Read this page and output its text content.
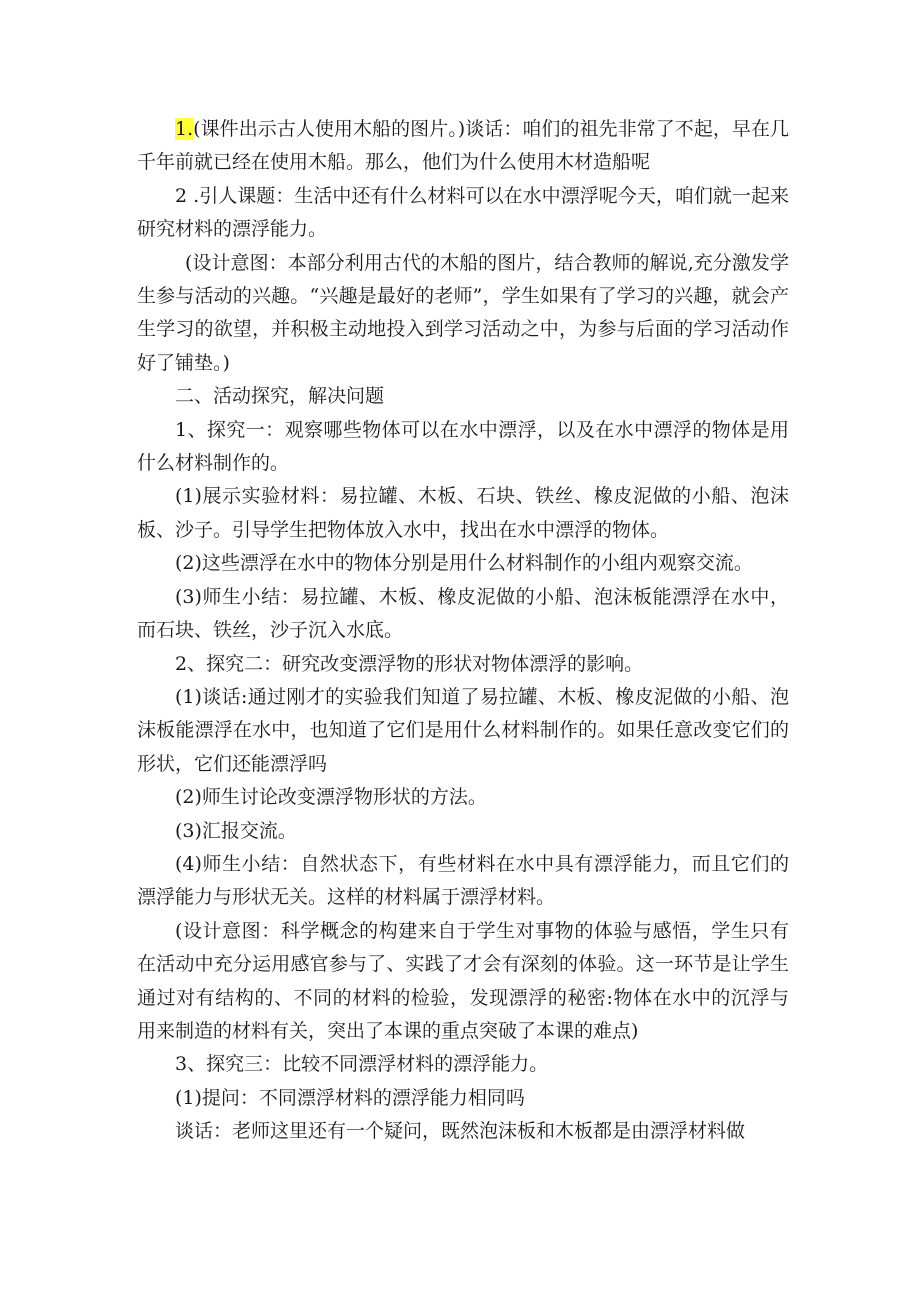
1.(课件出示古人使用木船的图片。)谈话：咱们的祖先非常了不起，早在几千年前就已经在使用木船。那么，他们为什么使用木材造船呢

2 .引人课题：生活中还有什么材料可以在水中漂浮呢今天，咱们就一起来研究材料的漂浮能力。

(设计意图：本部分利用古代的木船的图片，结合教师的解说,充分激发学生参与活动的兴趣。“兴趣是最好的老师”，学生如果有了学习的兴趣，就会产生学习的欲望，并积极主动地投入到学习活动之中，为参与后面的学习活动作好了铺垫。)

二、活动探究，解决问题

1、探究一：观察哪些物体可以在水中漂浮，以及在水中漂浮的物体是用什么材料制作的。

(1)展示实验材料：易拉罐、木板、石块、铁丝、橡皮泥做的小船、泡沫板、沙子。引导学生把物体放入水中，找出在水中漂浮的物体。

(2)这些漂浮在水中的物体分别是用什么材料制作的小组内观察交流。

(3)师生小结：易拉罐、木板、橡皮泥做的小船、泡沫板能漂浮在水中，而石块、铁丝，沙子沉入水底。

2、探究二：研究改变漂浮物的形状对物体漂浮的影响。

(1)谈话:通过刚才的实验我们知道了易拉罐、木板、橡皮泥做的小船、泡沫板能漂浮在水中，也知道了它们是用什么材料制作的。如果任意改变它们的形状，它们还能漂浮吗

(2)师生讨论改变漂浮物形状的方法。

(3)汇报交流。

(4)师生小结：自然状态下，有些材料在水中具有漂浮能力，而且它们的漂浮能力与形状无关。这样的材料属于漂浮材料。

(设计意图：科学概念的构建来自于学生对事物的体验与感悟，学生只有在活动中充分运用感官参与了、实践了才会有深刻的体验。这一环节是让学生通过对有结构的、不同的材料的检验，发现漂浮的秘密:物体在水中的沉浮与用来制造的材料有关，突出了本课的重点突破了本课的难点)

3、探究三：比较不同漂浮材料的漂浮能力。

(1)提问：不同漂浮材料的漂浮能力相同吗

谈话：老师这里还有一个疑问，既然泡沫板和木板都是由漂浮材料做
